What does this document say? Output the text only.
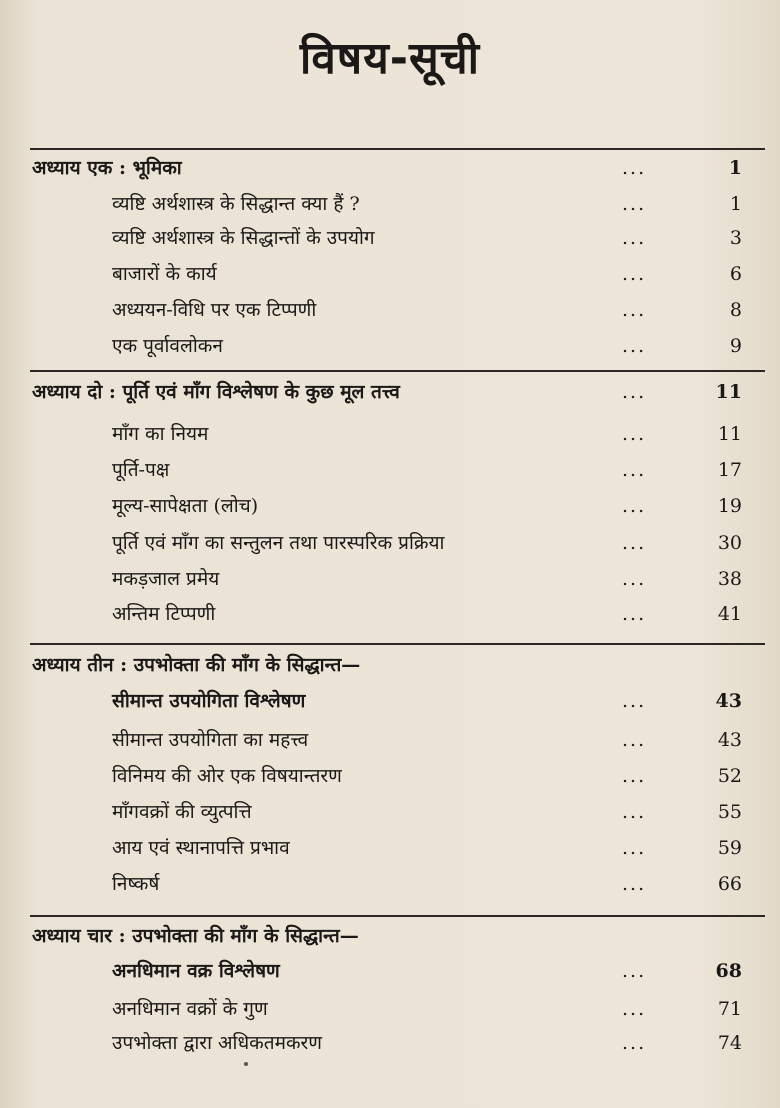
विषय-सूची
अध्याय एक : भूमिका	...	1
व्यष्टि अर्थशास्त्र के सिद्धान्त क्या हैं ?	...	1
व्यष्टि अर्थशास्त्र के सिद्धान्तों के उपयोग	...	3
बाजारों के कार्य	...	6
अध्ययन-विधि पर एक टिप्पणी	...	8
एक पूर्वावलोकन	...	9
अध्याय दो : पूर्ति एवं माँग विश्लेषण के कुछ मूल तत्त्व	...	11
माँग का नियम	...	11
पूर्ति-पक्ष	...	17
मूल्य-सापेक्षता (लोच)	...	19
पूर्ति एवं माँग का सन्तुलन तथा पारस्परिक प्रक्रिया	...	30
मकड़जाल प्रमेय	...	38
अन्तिम टिप्पणी	...	41
अध्याय तीन : उपभोक्ता की माँग के सिद्धान्त—
सीमान्त उपयोगिता विश्लेषण	...	43
सीमान्त उपयोगिता का महत्त्व	...	43
विनिमय की ओर एक विषयान्तरण	...	52
माँगवक्रों की व्युत्पत्ति	...	55
आय एवं स्थानापत्ति प्रभाव	...	59
निष्कर्ष	...	66
अध्याय चार : उपभोक्ता की माँग के सिद्धान्त—
अनधिमान वक्र विश्लेषण	...	68
अनधिमान वक्रों के गुण	...	71
उपभोक्ता द्वारा अधिकतमकरण	...	74
